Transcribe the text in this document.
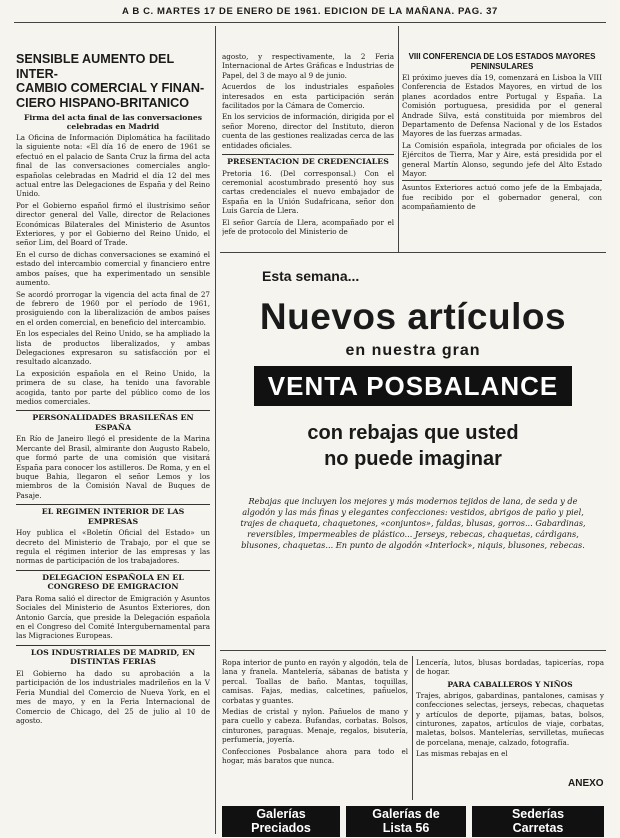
A B C. MARTES 17 DE ENERO DE 1961. EDICION DE LA MAÑANA. PAG. 37
SENSIBLE AUMENTO DEL INTER-
CAMBIO COMERCIAL Y FINAN-
CIERO HISPANO-BRITANICO

Firma del acta final de las conversaciones celebradas en Madrid

La Oficina de Información Diplomática ha facilitado la siguiente nota: «El día 16 de enero de 1961 se efectuó en el palacio de Santa Cruz la firma del acta final de las conversaciones comerciales anglo-españolas celebradas en Madrid el día 12 del mes actual entre las Delegaciones de España y del Reino Unido.

Por el Gobierno español firmó el ilustrísimo señor director general del Valle, director de Relaciones Económicas Bilaterales del Ministerio de Asuntos Exteriores, y por el Gobierno del Reino Unido, el señor Lim, del Board of Trade.

En el curso de dichas conversaciones se examinó el estado del intercambio comercial y financiero entre ambos países, que ha experimentado un sensible aumento.

Se acordó prorrogar la vigencia del acta final de 27 de febrero de 1960 por el período de 1961, prosiguiendo con la liberalización de ambos países en el orden comercial, en beneficio del intercambio.

En los especiales del Reino Unido, se ha ampliado la lista de productos liberalizados, y ambas Delegaciones expresaron su satisfacción por el resultado alcanzado.

La exposición española en el Reino Unido, la primera de su clase, ha tenido una favorable acogida, tanto por parte del público como de los medios comerciales.

PERSONALIDADES BRASILEÑAS EN ESPAÑA

En Río de Janeiro llegó el presidente de la Marina Mercante del Brasil, almirante don Augusto Rabelo, que formó parte de una comisión que visitará España para conocer los astilleros. De Roma, y en el buque Bahia, llegaron el señor Lemos y los miembros de la Comisión Naval de Buques de Pasaje.

EL REGIMEN INTERIOR DE LAS EMPRESAS

Hoy publica el «Boletín Oficial del Estado» un decreto del Ministerio de Trabajo, por el que se regula el régimen interior de las empresas y las normas de participación de los trabajadores.

DELEGACION ESPAÑOLA EN EL CONGRESO DE EMIGRACION

Para Roma salió el director de Emigración y Asuntos Sociales del Ministerio de Asuntos Exteriores, don Antonio García, que preside la Delegación española en el Congreso del Comité Intergubernamental para las Migraciones Europeas.

LOS INDUSTRIALES DE MADRID, EN DISTINTAS FERIAS

El Gobierno ha dado su aprobación a la participación de los industriales madrileños en la V Feria Mundial del Comercio de Nueva York, en el mes de mayo, y en la Feria Internacional de Comercio de Chicago, del 25 de julio al 10 de agosto.

agosto, y respectivamente, la 2 Feria Internacional de Artes Gráficas e Industrias de Papel, del 3 de mayo al 9 de junio.

Acuerdos de los industriales españoles interesados en esta participación serán facilitados por la Cámara de Comercio.

En los servicios de información, dirigida por el señor Moreno, director del Instituto, dieron cuenta de las gestiones realizadas cerca de las entidades oficiales.

PRESENTACION DE CREDENCIALES

Pretoria 16. (Del corresponsal.) Con el ceremonial acostumbrado presentó hoy sus cartas credenciales el nuevo embajador de España en la Unión Sudafricana, señor don Luis García de Llera.

El señor García de Llera, acompañado por el jefe de protocolo del Ministerio de

VIII CONFERENCIA DE LOS ESTADOS MAYORES PENINSULARES

El próximo jueves día 19, comenzará en Lisboa la VIII Conferencia de Estados Mayores, en virtud de los planes acordados entre Portugal y España. La Comisión portuguesa, presidida por el general Andrade Silva, está constituida por miembros del Departamento de Defensa Nacional y de los Estados Mayores de las fuerzas armadas.

La Comisión española, integrada por oficiales de los Ejércitos de Tierra, Mar y Aire, está presidida por el general Martín Alonso, segundo jefe del Alto Estado Mayor.

Asuntos Exteriores actuó como jefe de la Embajada, fue recibido por el gobernador general, con acompañamiento de

Esta semana...
Nuevos artículos
en nuestra gran
VENTA POSBALANCE
con rebajas que usted
no puede imaginar
Rebajas que incluyen los mejores y más modernos tejidos de lana, de seda y de algodón y las más finas y elegantes confecciones: vestidos, abrigos de paño y piel, trajes de chaqueta, chaquetones, «conjuntos», faldas, blusas, gorros... Gabardinas, reversibles, impermeables de plástico... Jerseys, rebecas, chaquetas, cárdigans, blusones, chaquetas... En punto de algodón «Interlock», niquis, blusones, rebecas.

Ropa interior de punto en rayón y algodón, tela de lana y franela. Mantelería, sábanas de batista y percal. Toallas de baño. Mantas, toquillas, camisas. Fajas, medias, calcetines, pañuelos, corbatas y guantes.

Medias de cristal y nylon. Pañuelos de mano y para cuello y cabeza. Bufandas, corbatas. Bolsos, cinturones, paraguas. Menaje, regalos, bisutería, perfumería, joyería.

Confecciones Posbalance ahora para todo el hogar, más baratos que nunca.

Lencería, lutos, blusas bordadas, tapicerías, ropa de hogar.

PARA CABALLEROS Y NIÑOS

Trajes, abrigos, gabardinas, pantalones, camisas y confecciones selectas, jerseys, rebecas, chaquetas y artículos de deporte, pijamas, batas, bolsos, cinturones, zapatos, artículos de viaje, corbatas, maletas, bolsos. Mantelerías, servilletas, muñecas de porcelana, menaje, calzado, fotografía.

Las mismas rebajas en el

ANEXO
Galerías
Preciados
Galerías de
Lista 56
Sederías
Carretas
